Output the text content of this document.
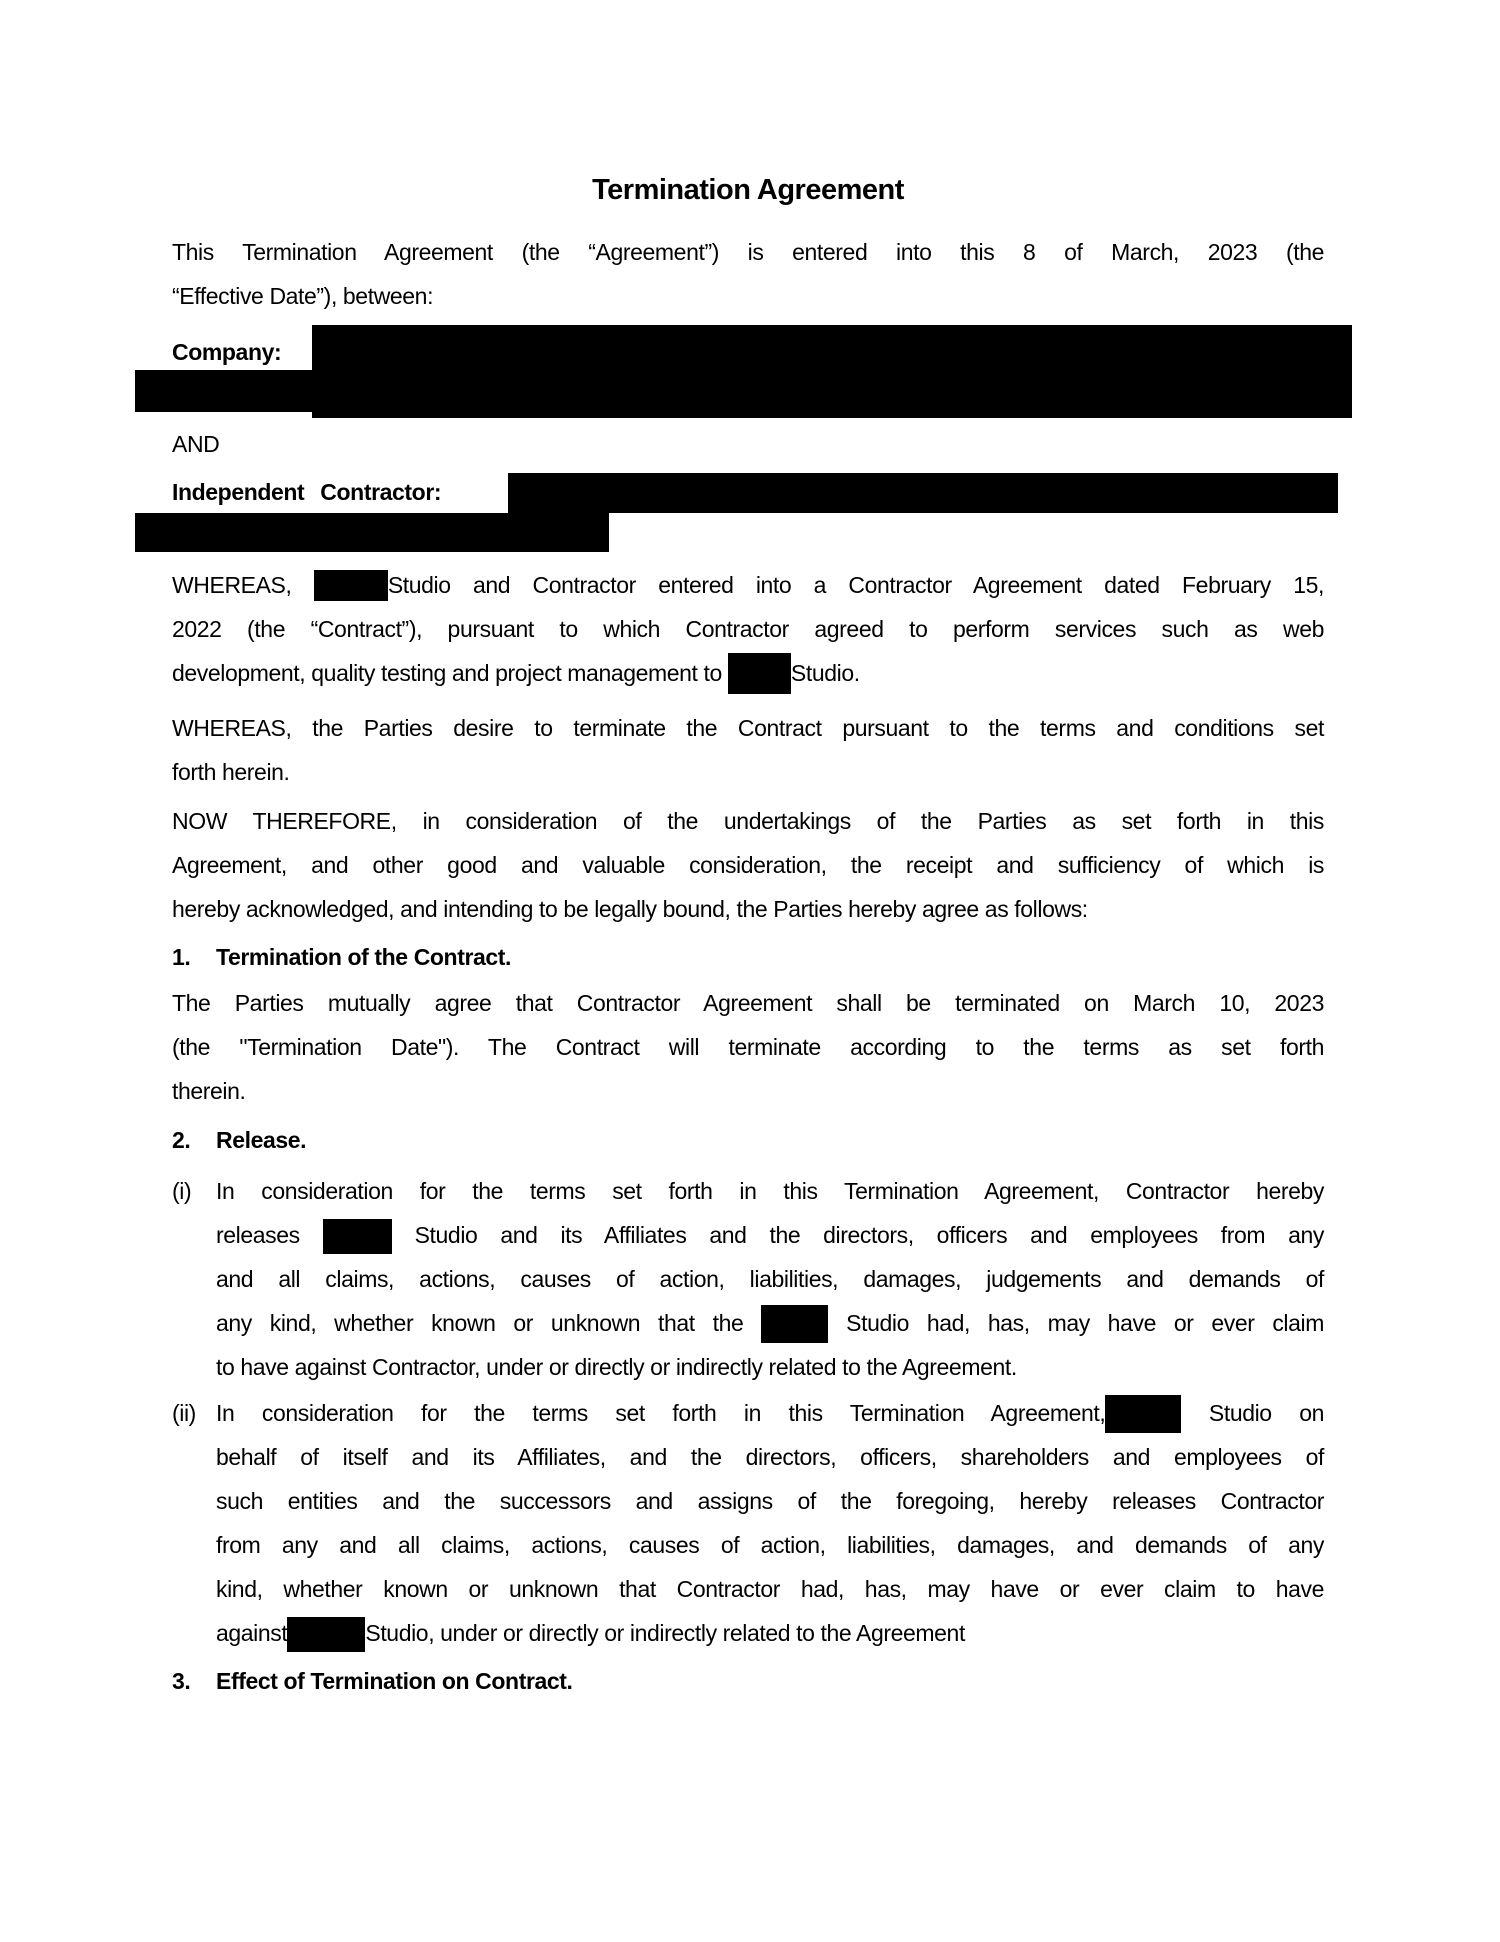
Termination Agreement
This Termination Agreement (the “Agreement”) is entered into this 8 of March, 2023 (the
“Effective Date”), between:
Company:
AND
Independent Contractor:
WHEREAS,	Studio and Contractor entered into a Contractor Agreement dated February 15,
2022 (the “Contract”), pursuant to which Contractor agreed to perform services such as web
development, quality testing and project management to	Studio.
WHEREAS, the Parties desire to terminate the Contract pursuant to the terms and conditions set
forth herein.
NOW THEREFORE, in consideration of the undertakings of the Parties as set forth in this
Agreement, and other good and valuable consideration, the receipt and sufficiency of which is
hereby acknowledged, and intending to be legally bound, the Parties hereby agree as follows:
1. Termination of the Contract.
The Parties mutually agree that Contractor Agreement shall be terminated on March 10, 2023
(the "Termination Date"). The Contract will terminate according to the terms as set forth
therein.
2. Release.
(i) In consideration for the terms set forth in this Termination Agreement, Contractor hereby
releases	Studio and its Affiliates and the directors, officers and employees from any
and all claims, actions, causes of action, liabilities, damages, judgements and demands of
any kind, whether known or unknown that the	Studio had, has, may have or ever claim
to have against Contractor, under or directly or indirectly related to the Agreement.
(ii) In consideration for the terms set forth in this Termination Agreement,	Studio on
behalf of itself and its Affiliates, and the directors, officers, shareholders and employees of
such entities and the successors and assigns of the foregoing, hereby releases Contractor
from any and all claims, actions, causes of action, liabilities, damages, and demands of any
kind, whether known or unknown that Contractor had, has, may have or ever claim to have
against	Studio, under or directly or indirectly related to the Agreement
3. Effect of Termination on Contract.
